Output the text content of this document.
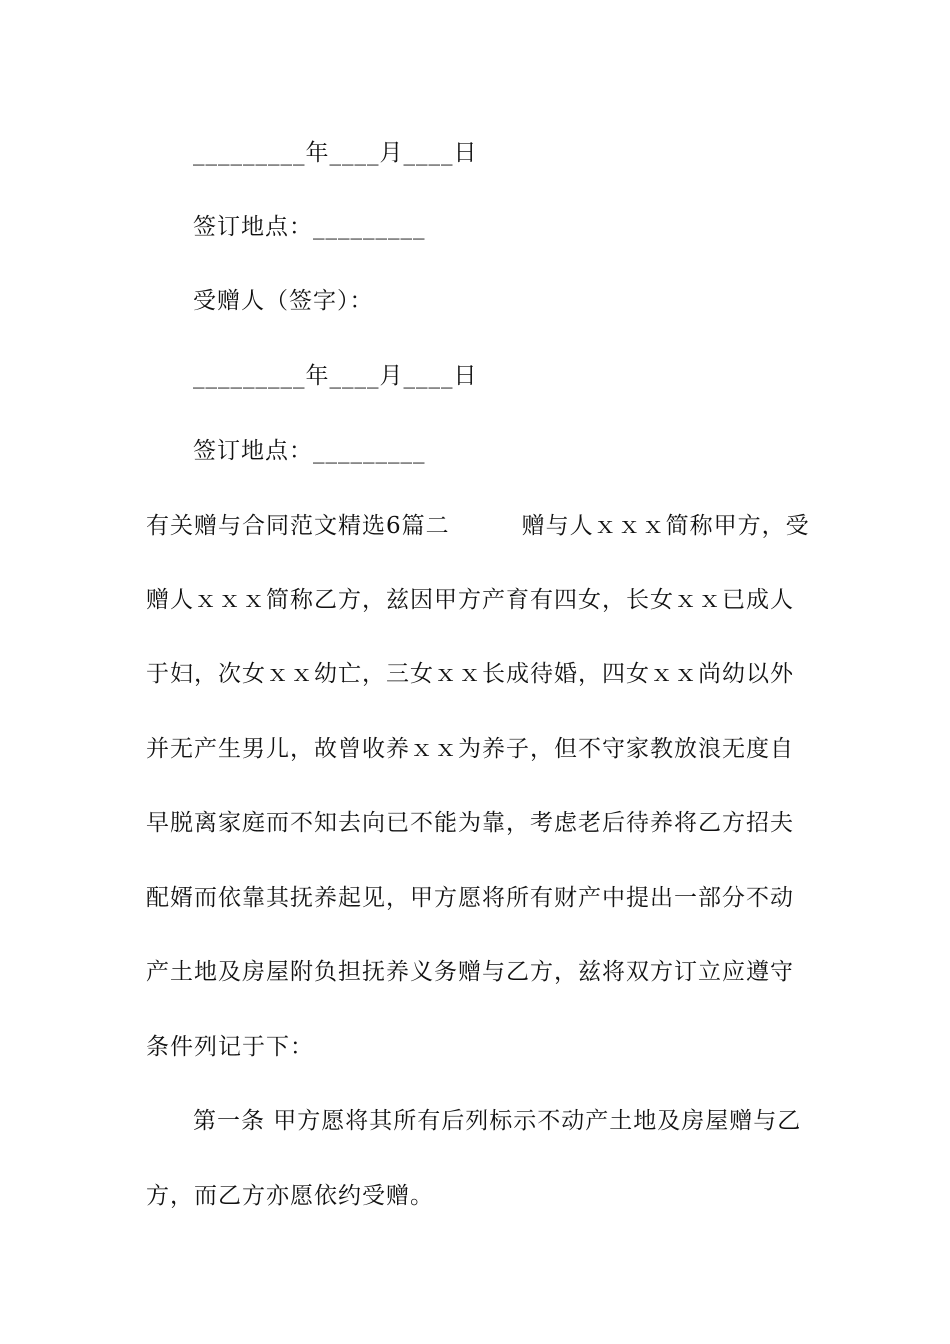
_________年____月____日
签订地点：_________
受赠人（签字）：
_________年____月____日
签订地点：_________
有关赠与合同范文精选6篇二　　　赠与人ｘｘｘ简称甲方，受
赠人ｘｘｘ简称乙方，兹因甲方产育有四女，长女ｘｘ已成人
于妇，次女ｘｘ幼亡，三女ｘｘ长成待婚，四女ｘｘ尚幼以外
并无产生男儿，故曾收养ｘｘ为养子，但不守家教放浪无度自
早脱离家庭而不知去向已不能为靠，考虑老后待养将乙方招夫
配婿而依靠其抚养起见，甲方愿将所有财产中提出一部分不动
产土地及房屋附负担抚养义务赠与乙方，兹将双方订立应遵守
条件列记于下：
第一条 甲方愿将其所有后列标示不动产土地及房屋赠与乙
方，而乙方亦愿依约受赠。
